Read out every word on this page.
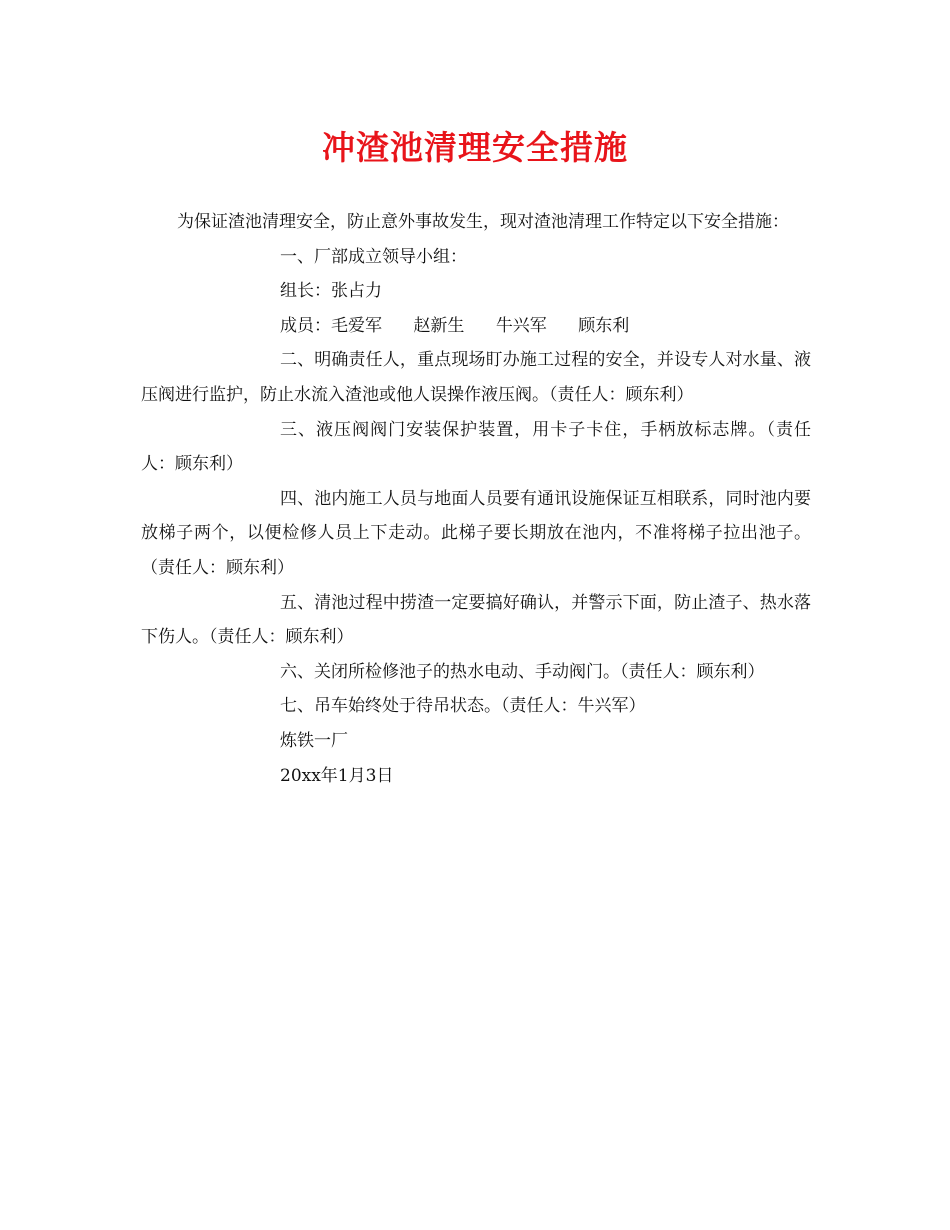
冲渣池清理安全措施

为保证渣池清理安全，防止意外事故发生，现对渣池清理工作特定以下安全措施：

一、厂部成立领导小组：

组长：张占力

成员：毛爱军 赵新生 牛兴军 顾东利

二、明确责任人，重点现场盯办施工过程的安全，并设专人对水量、液压阀进行监护，防止水流入渣池或他人误操作液压阀。（责任人：顾东利）

三、液压阀阀门安装保护装置，用卡子卡住，手柄放标志牌。（责任人：顾东利）

四、池内施工人员与地面人员要有通讯设施保证互相联系，同时池内要放梯子两个，以便检修人员上下走动。此梯子要长期放在池内，不准将梯子拉出池子。（责任人：顾东利）

五、清池过程中捞渣一定要搞好确认，并警示下面，防止渣子、热水落下伤人。（责任人：顾东利）

六、关闭所检修池子的热水电动、手动阀门。（责任人：顾东利）

七、吊车始终处于待吊状态。（责任人：牛兴军）

炼铁一厂

20xx年1月3日
